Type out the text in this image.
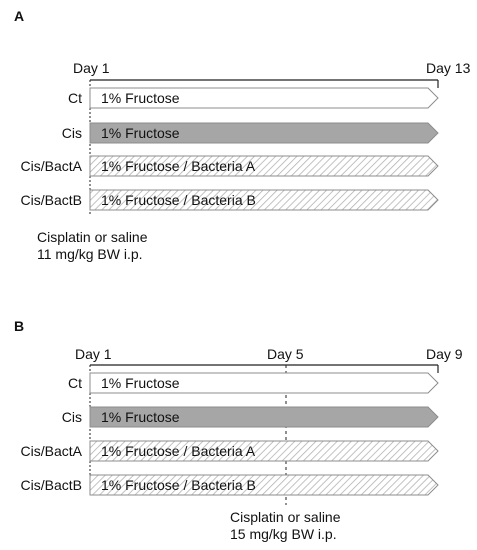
A
Day 1	Day 13
Ct
Cis
Cis/BactA
Cis/BactB
Cisplatin or saline
11 mg/kg BW i.p.
B
Day 1	Day 5	Day 9
Ct
Cis
Cis/BactA
Cis/BactB
Cisplatin or saline
15 mg/kg BW i.p.
1% Fructose
1% Fructose
1% Fructose / Bacteria A
1% Fructose / Bacteria B
1% Fructose
1% Fructose
1% Fructose / Bacteria A
1% Fructose / Bacteria B
